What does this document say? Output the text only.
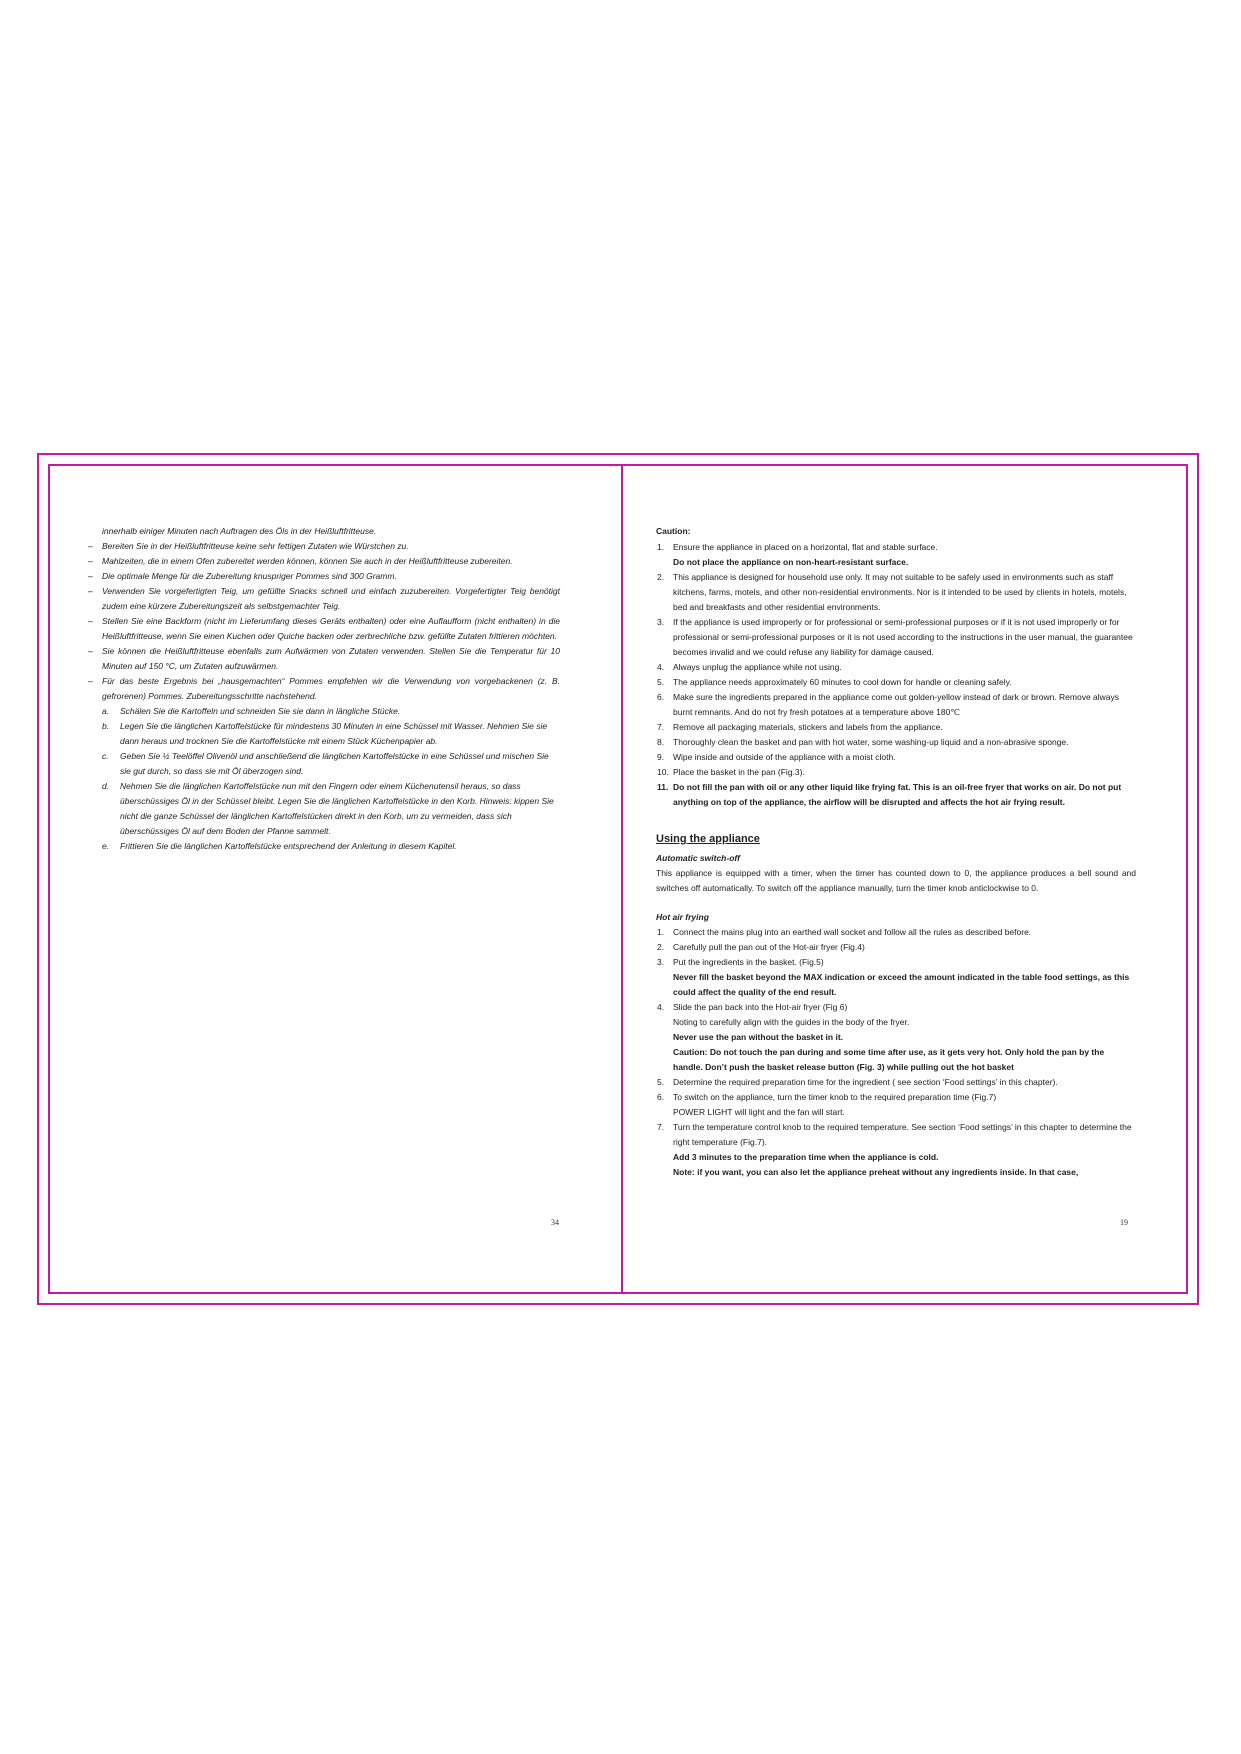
innerhalb einiger Minuten nach Auftragen des Öls in der Heißluftfritteuse.
–	Bereiten Sie in der Heißluftfritteuse keine sehr fettigen Zutaten wie Würstchen zu.
–	Mahlzeiten, die in einem Ofen zubereitet werden können, können Sie auch in der Heißluftfritteuse zubereiten.
–	Die optimale Menge für die Zubereitung knuspriger Pommes sind 300 Gramm.
–	Verwenden Sie vorgefertigten Teig, um gefüllte Snacks schnell und einfach zuzubereiten. Vorgefertigter Teig benötigt zudem eine kürzere Zubereitungszeit als selbstgemachter Teig.
–	Stellen Sie eine Backform (nicht im Lieferumfang dieses Geräts enthalten) oder eine Auflaufform (nicht enthalten) in die Heißluftfritteuse, wenn Sie einen Kuchen oder Quiche backen oder zerbrechliche bzw. gefüllte Zutaten frittieren möchten.
–	Sie können die Heißluftfritteuse ebenfalls zum Aufwärmen von Zutaten verwenden. Stellen Sie die Temperatur für 10 Minuten auf 150 °C, um Zutaten aufzuwärmen.
–	Für das beste Ergebnis bei „hausgemachten“ Pommes empfehlen wir die Verwendung von vorgebackenen (z. B. gefrorenen) Pommes. Zubereitungsschritte nachstehend.
a.	Schälen Sie die Kartoffeln und schneiden Sie sie dann in längliche Stücke.
b.	Legen Sie die länglichen Kartoffelstücke für mindestens 30 Minuten in eine Schüssel mit Wasser. Nehmen Sie sie dann heraus und trocknen Sie die Kartoffelstücke mit einem Stück Küchenpapier ab.
c.	Geben Sie ½ Teelöffel Olivenöl und anschließend die länglichen Kartoffelstücke in eine Schüssel und mischen Sie sie gut durch, so dass sie mit Öl überzogen sind.
d.	Nehmen Sie die länglichen Kartoffelstücke nun mit den Fingern oder einem Küchenutensil heraus, so dass überschüssiges Öl in der Schüssel bleibt. Legen Sie die länglichen Kartoffelstücke in den Korb. Hinweis: kippen Sie nicht die ganze Schüssel der länglichen Kartoffelstücken direkt in den Korb, um zu vermeiden, dass sich überschüssiges Öl auf dem Boden der Pfanne sammelt.
e.	Frittieren Sie die länglichen Kartoffelstücke entsprechend der Anleitung in diesem Kapitel.
34
Caution:
1.	Ensure the appliance in placed on a horizontal, flat and stable surface.
Do not place the appliance on non-heart-resistant surface.
2.	This appliance is designed for household use only. It may not suitable to be safely used in environments such as staff kitchens, farms, motels, and other non-residential environments. Nor is it intended to be used by clients in hotels, motels, bed and breakfasts and other residential environments.
3.	If the appliance is used improperly or for professional or semi-professional purposes or if it is not used improperly or for professional or semi-professional purposes or it is not used according to the instructions in the user manual, the guarantee becomes invalid and we could refuse any liability for damage caused.
4.	Always unplug the appliance while not using.
5.	The appliance needs approximately 60 minutes to cool down for handle or cleaning safely.
6.	Make sure the ingredients prepared in the appliance come out golden-yellow instead of dark or brown. Remove always burnt remnants. And do not fry fresh potatoes at a temperature above 180℃
7.	Remove all packaging materials, stickers and labels from the appliance.
8.	Thoroughly clean the basket and pan with hot water, some washing-up liquid and a non-abrasive sponge.
9.	Wipe inside and outside of the appliance with a moist cloth.
10. Place the basket in the pan (Fig.3).
11. Do not fill the pan with oil or any other liquid like frying fat. This is an oil-free fryer that works on air. Do not put anything on top of the appliance, the airflow will be disrupted and affects the hot air frying result.
Using the appliance
Automatic switch-off
This appliance is equipped with a timer, when the timer has counted down to 0, the appliance produces a bell sound and switches off automatically. To switch off the appliance manually, turn the timer knob anticlockwise to 0.
Hot air frying
1.	Connect the mains plug into an earthed wall socket and follow all the rules as described before.
2.	Carefully pull the pan out of the Hot-air fryer (Fig.4)
3.	Put the ingredients in the basket. (Fig.5)
Never fill the basket beyond the MAX indication or exceed the amount indicated in the table food settings, as this could affect the quality of the end result.
4.	Slide the pan back into the Hot-air fryer (Fig 6)
Noting to carefully align with the guides in the body of the fryer.
Never use the pan without the basket in it.
Caution: Do not touch the pan during and some time after use, as it gets very hot. Only hold the pan by the handle. Don’t push the basket release button (Fig. 3) while pulling out the hot basket
5.	Determine the required preparation time for the ingredient ( see section ‘Food settings’ in this chapter).
6.	To switch on the appliance, turn the timer knob to the required preparation time (Fig.7)
POWER LIGHT will light and the fan will start.
7.	Turn the temperature control knob to the required temperature. See section ‘Food settings’ in this chapter to determine the right temperature (Fig.7).
Add 3 minutes to the preparation time when the appliance is cold.
Note: if you want, you can also let the appliance preheat without any ingredients inside. In that case,
19
